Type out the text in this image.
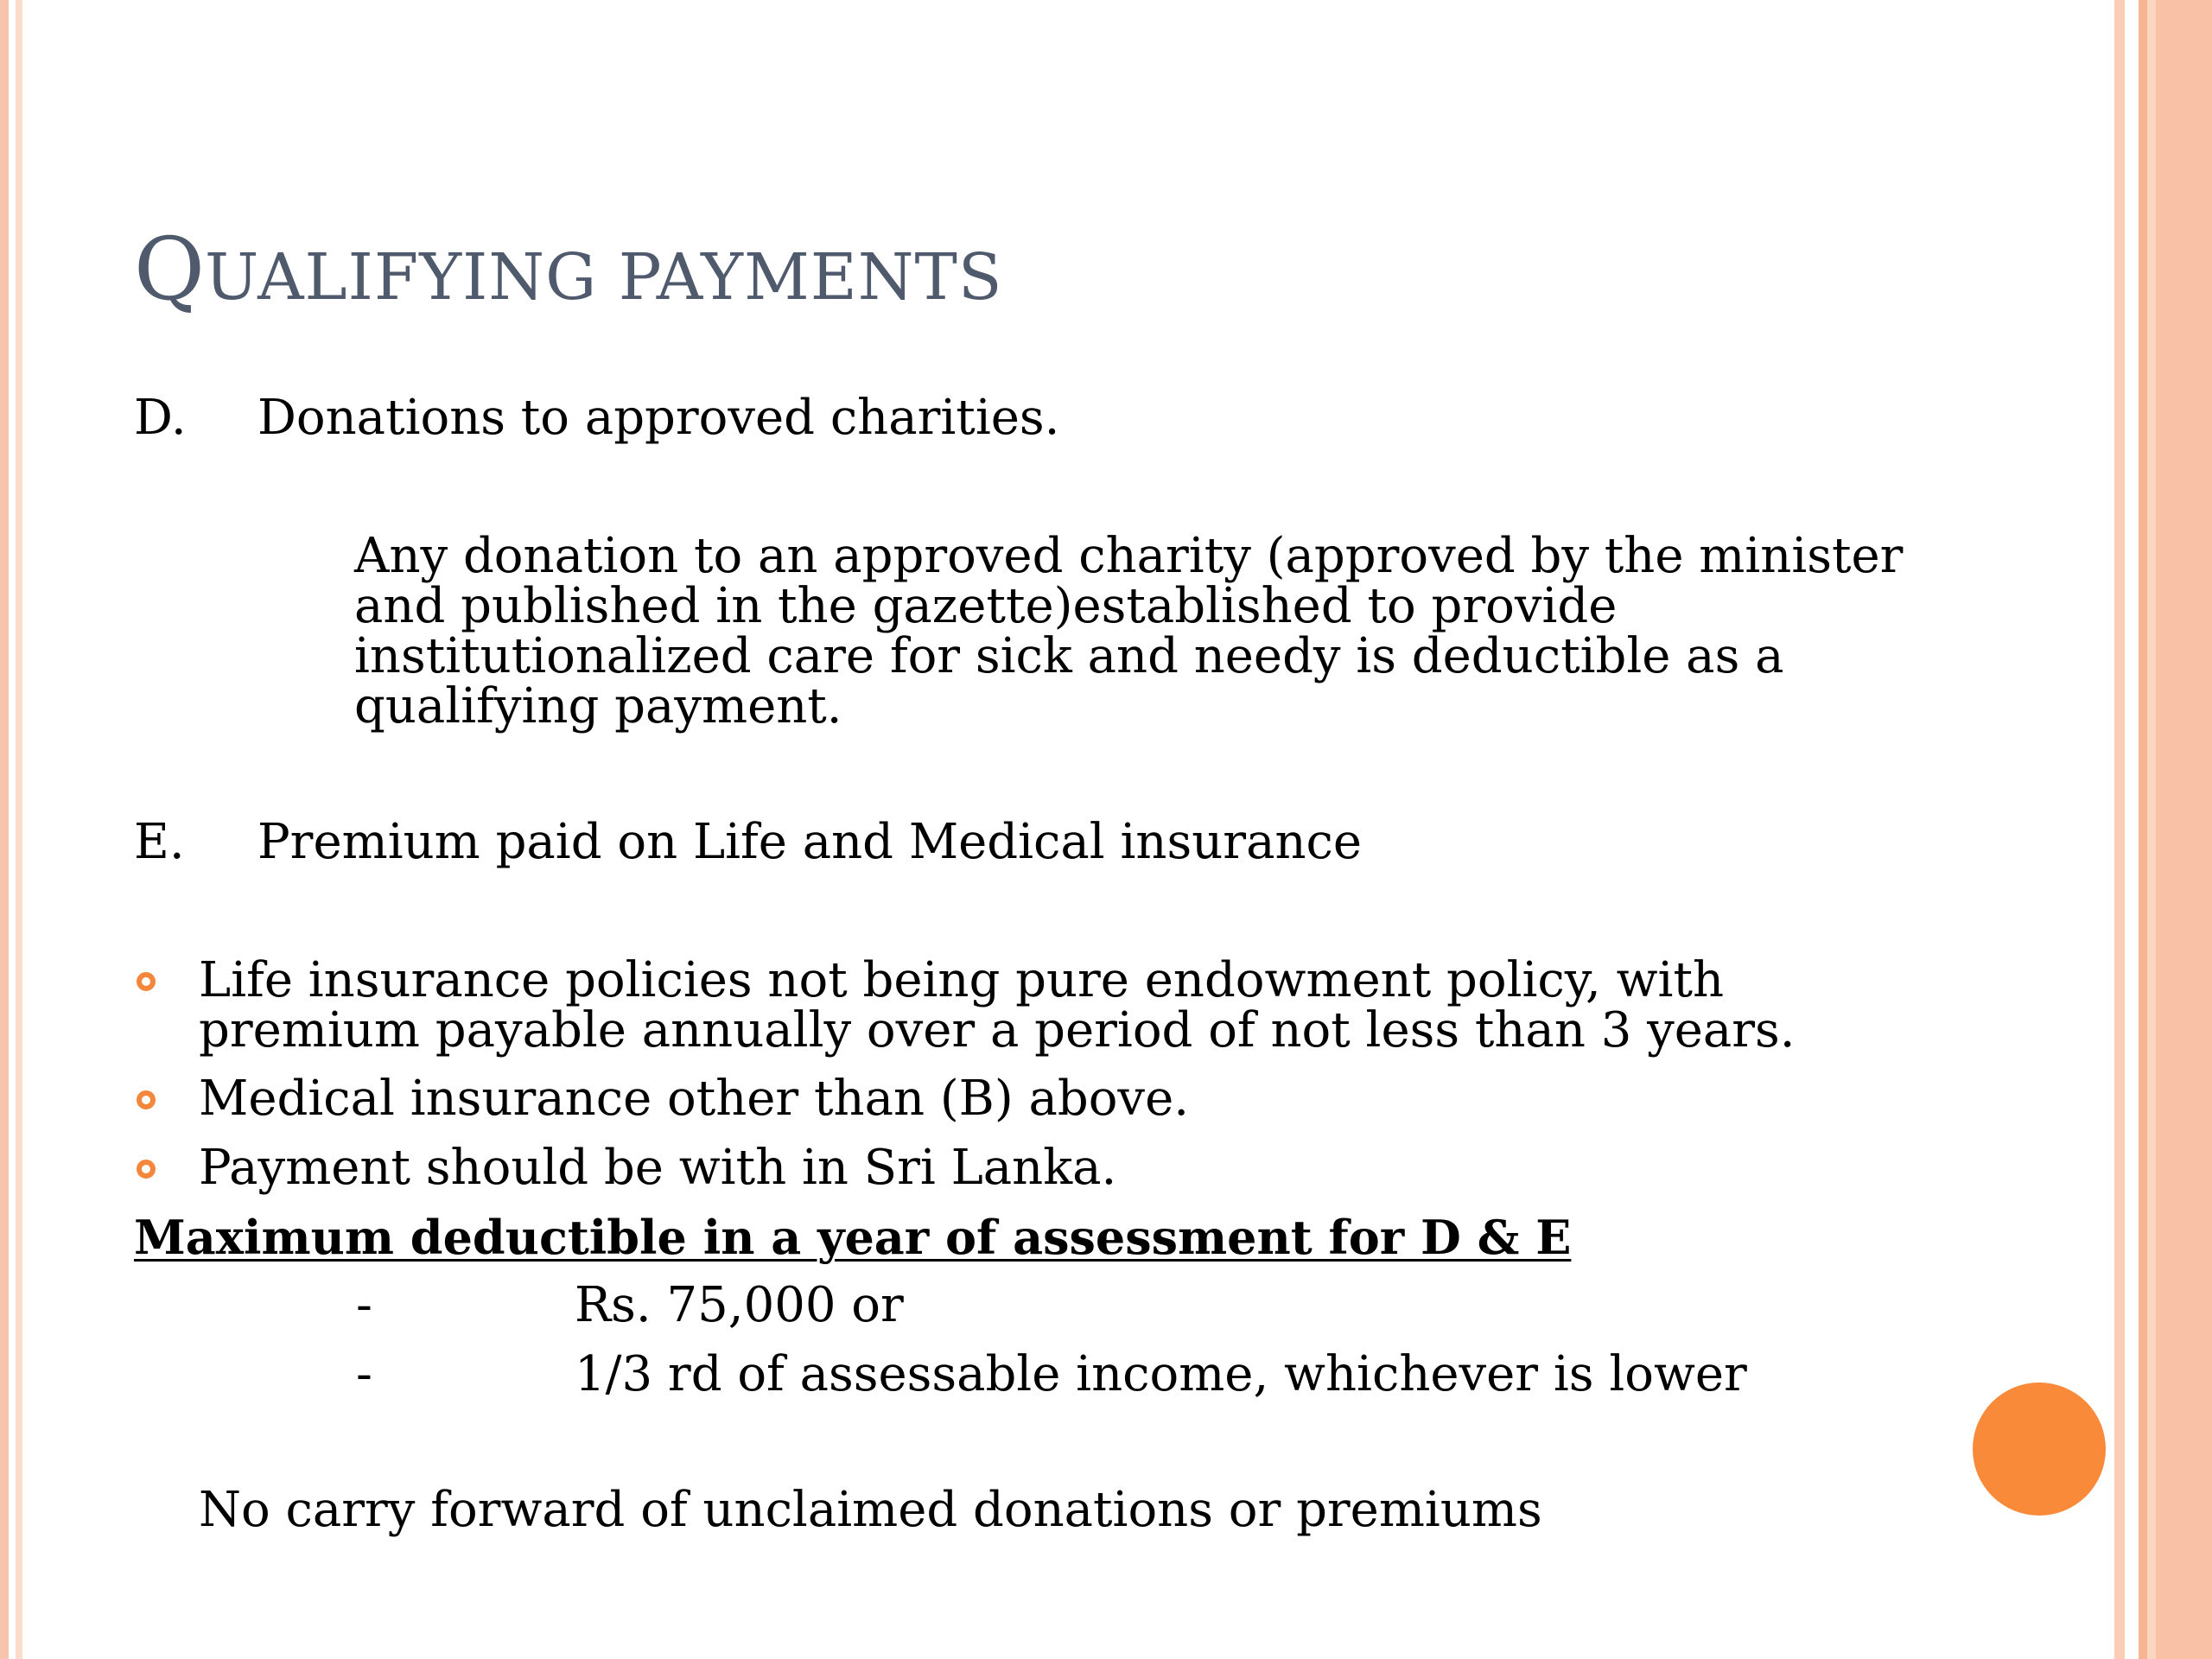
QUALIFYING PAYMENTS
D. Donations to approved charities.
Any donation to an approved charity (approved by the minister
and published in the gazette)established to provide
institutionalized care for sick and needy is deductible as a
qualifying payment.
E. Premium paid on Life and Medical insurance
Life insurance policies not being pure endowment policy, with
premium payable annually over a period of not less than 3 years.
Medical insurance other than (B) above.
Payment should be with in Sri Lanka.
Maximum deductible in a year of assessment for D & E
-	Rs. 75,000 or
-	1/3 rd of assessable income, whichever is lower
No carry forward of unclaimed donations or premiums
